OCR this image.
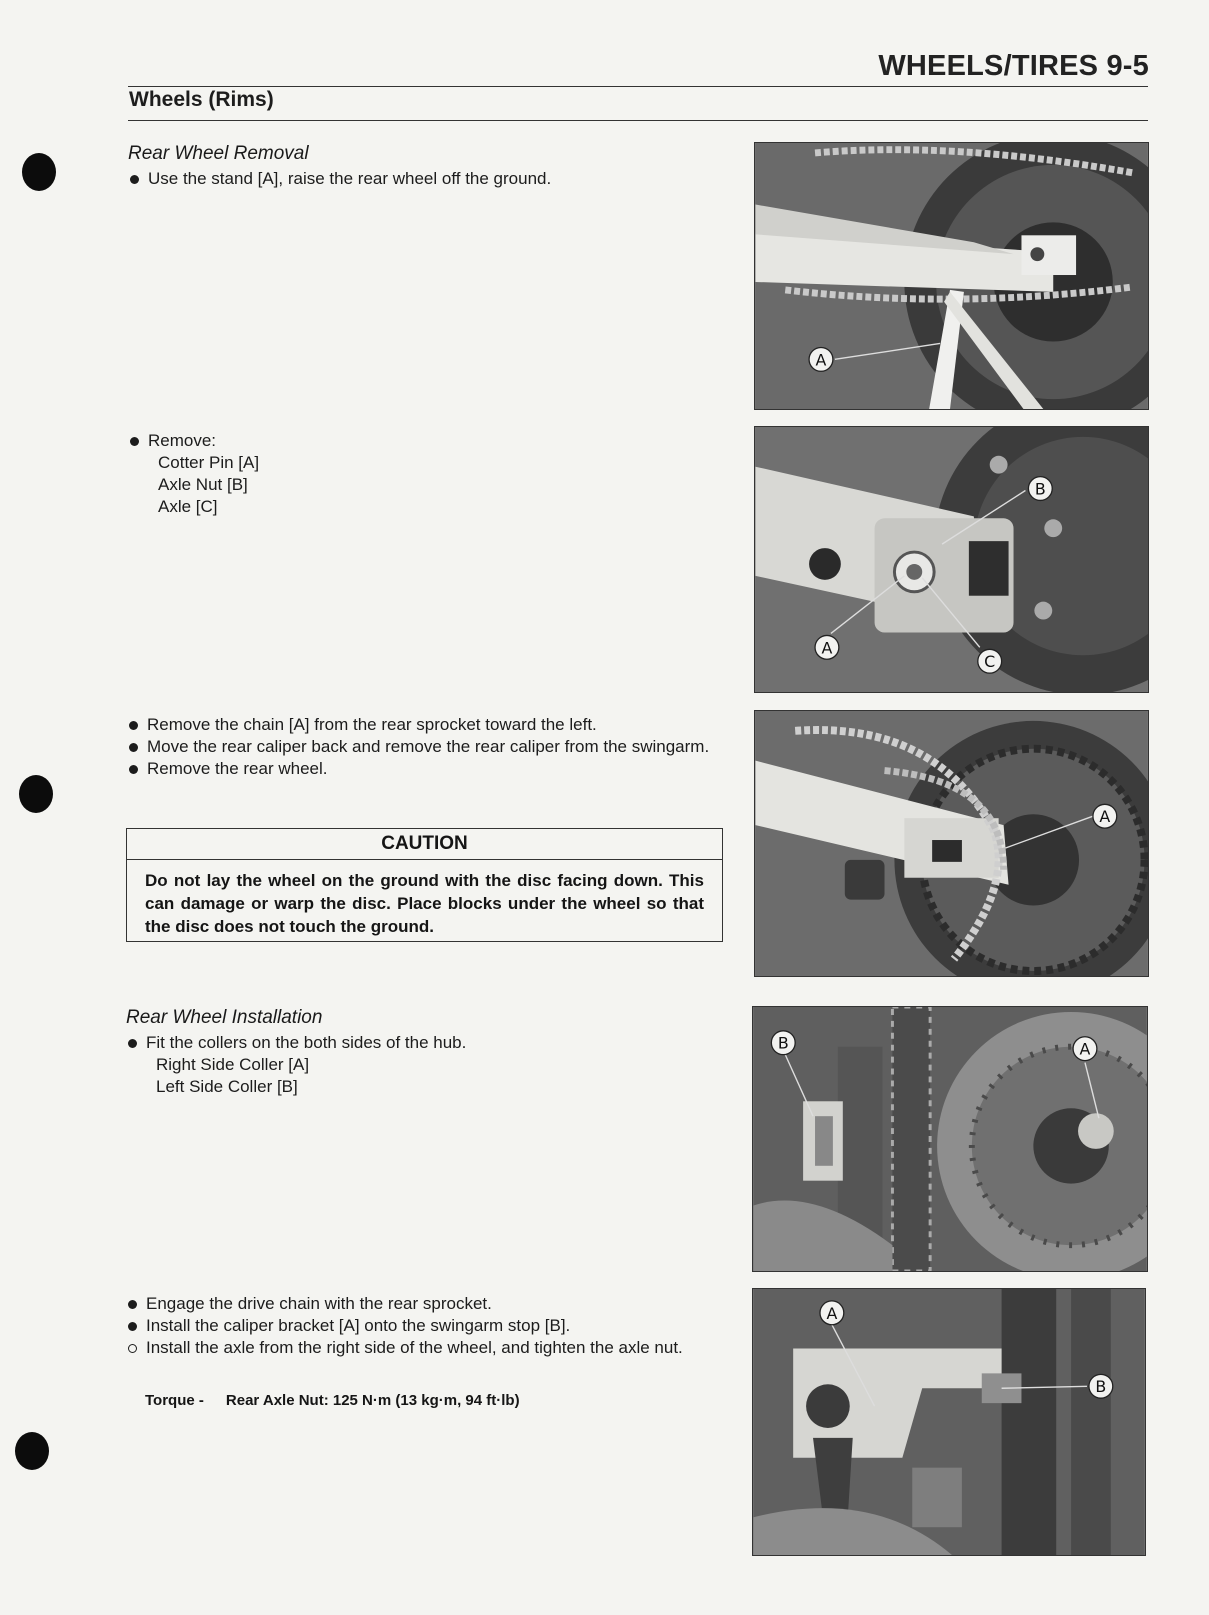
WHEELS/TIRES 9-5
Wheels (Rims)
Rear Wheel Removal
Use the stand [A], raise the rear wheel off the ground.
Remove:
Cotter Pin [A]
Axle Nut [B]
Axle [C]
Remove the chain [A] from the rear sprocket toward the left.
Move the rear caliper back and remove the rear caliper from the swingarm.
Remove the rear wheel.
CAUTION
Do not lay the wheel on the ground with the disc facing down. This can damage or warp the disc. Place blocks under the wheel so that the disc does not touch the ground.
Rear Wheel Installation
Fit the collers on the both sides of the hub.
Right Side Coller [A]
Left Side Coller [B]
Engage the drive chain with the rear sprocket.
Install the caliper bracket [A] onto the swingarm stop [B].
Install the axle from the right side of the wheel, and tighten the axle nut.
Torque - Rear Axle Nut: 125 N·m (13 kg·m, 94 ft·lb)
A
B
A
C
A
B	A
A
B
